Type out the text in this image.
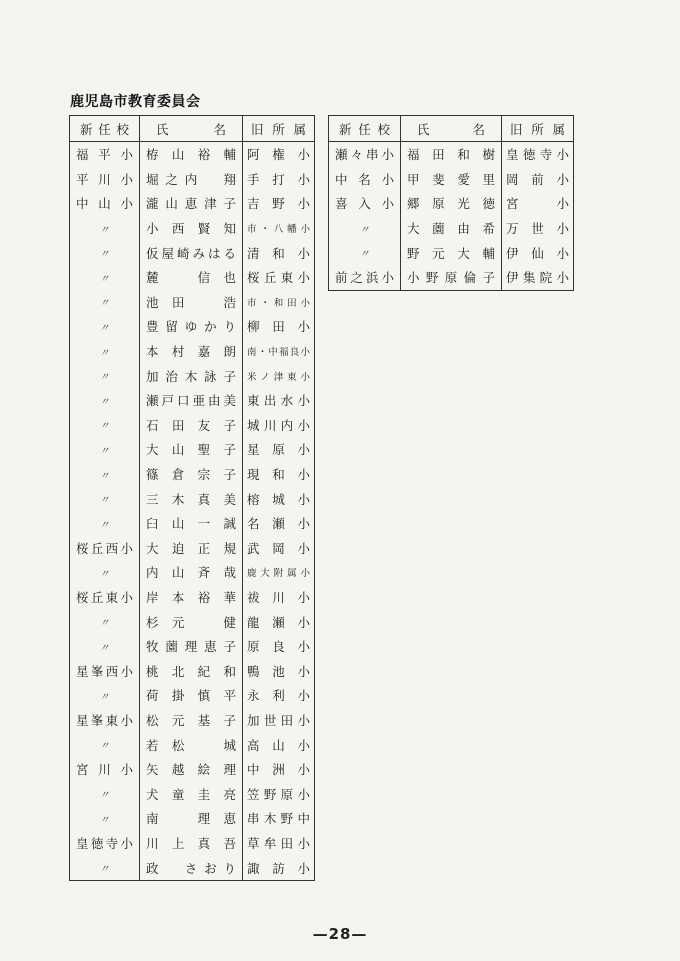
鹿児島市教育委員会
新任校	氏名	旧所属
福平小	栫山裕輔	阿権小
平川小	堀之内　翔	手打小
中山小	瀧山恵津子	吉野小
〃	小西賢知	市・八幡小
〃	仮屋崎みはる	清和小
〃	麓　信也	桜丘東小
〃	池田　浩	市・和田小
〃	豊留ゆかり	柳田小
〃	本村嘉朗	南・中福良小
〃	加治木詠子	米ノ津東小
〃	瀬戸口亜由美	東出水小
〃	石田友子	城川内小
〃	大山聖子	星原小
〃	篠倉宗子	現和小
〃	三木真美	榕城小
〃	臼山一誠	名瀬小
桜丘西小	大迫正規	武岡小
〃	内山斉哉	鹿大附属小
桜丘東小	岸本裕華	祓川小
〃	杉元　健	龍瀬小
〃	牧薗理恵子	原良小
星峯西小	桃北紀和	鴨池小
〃	荷掛慎平	永利小
星峯東小	松元基子	加世田小
〃	若松　城	高山小
宮川小	矢越絵理	中洲小
〃	犬童圭亮	笠野原小
〃	南　理恵	串木野中
皇徳寺小	川上真吾	草牟田小
〃	政　さおり	諏訪小
新任校	氏名	旧所属
瀬々串小	福田和樹	皇徳寺小
中名小	甲斐愛里	岡前小
喜入小	郷原光徳	宮　小
〃	大薗由希	万世小
〃	野元大輔	伊仙小
前之浜小	小野原倫子	伊集院小
—28—
